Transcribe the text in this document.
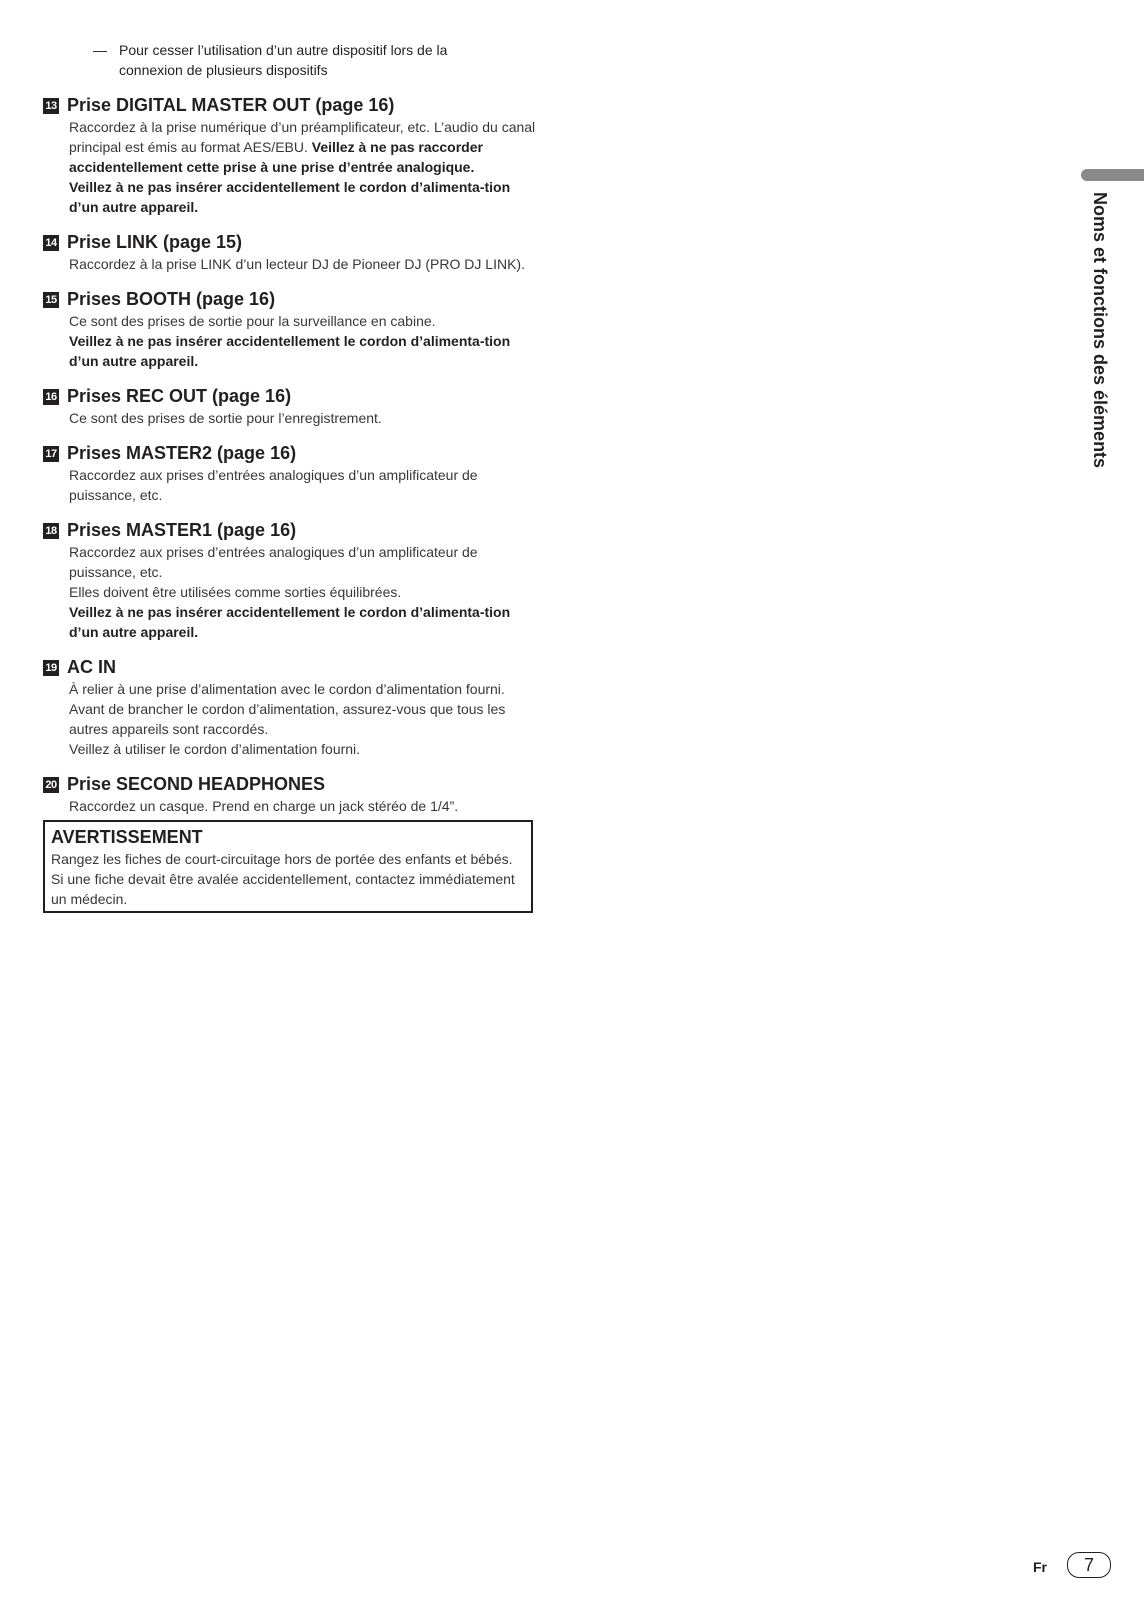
— Pour cesser l’utilisation d’un autre dispositif lors de la
connexion de plusieurs dispositifs
13 Prise DIGITAL MASTER OUT (page 16)

Raccordez à la prise numérique d’un préamplificateur, etc. L’audio du canal principal est émis au format AES/EBU. Veillez à ne pas raccorder accidentellement cette prise à une prise d’entrée analogique.

Veillez à ne pas insérer accidentellement le cordon d’alimenta-tion d’un autre appareil.

14 Prise LINK (page 15)

Raccordez à la prise LINK d’un lecteur DJ de Pioneer DJ (PRO DJ LINK).

15 Prises BOOTH (page 16)

Ce sont des prises de sortie pour la surveillance en cabine.

Veillez à ne pas insérer accidentellement le cordon d’alimenta-tion d’un autre appareil.

16 Prises REC OUT (page 16)

Ce sont des prises de sortie pour l’enregistrement.

17 Prises MASTER2 (page 16)

Raccordez aux prises d’entrées analogiques d’un amplificateur de puissance, etc.

18 Prises MASTER1 (page 16)

Raccordez aux prises d’entrées analogiques d’un amplificateur de puissance, etc.

Elles doivent être utilisées comme sorties équilibrées.

Veillez à ne pas insérer accidentellement le cordon d’alimenta-tion d’un autre appareil.

19 AC IN

À relier à une prise d’alimentation avec le cordon d’alimentation fourni. Avant de brancher le cordon d’alimentation, assurez-vous que tous les autres appareils sont raccordés.

Veillez à utiliser le cordon d’alimentation fourni.

20 Prise SECOND HEADPHONES

Raccordez un casque. Prend en charge un jack stéréo de 1/4”.

AVERTISSEMENT
Rangez les fiches de court-circuitage hors de portée des enfants et bébés. Si une fiche devait être avalée accidentellement, contactez immédiatement un médecin.
Noms et fonctions des éléments
Fr	7
